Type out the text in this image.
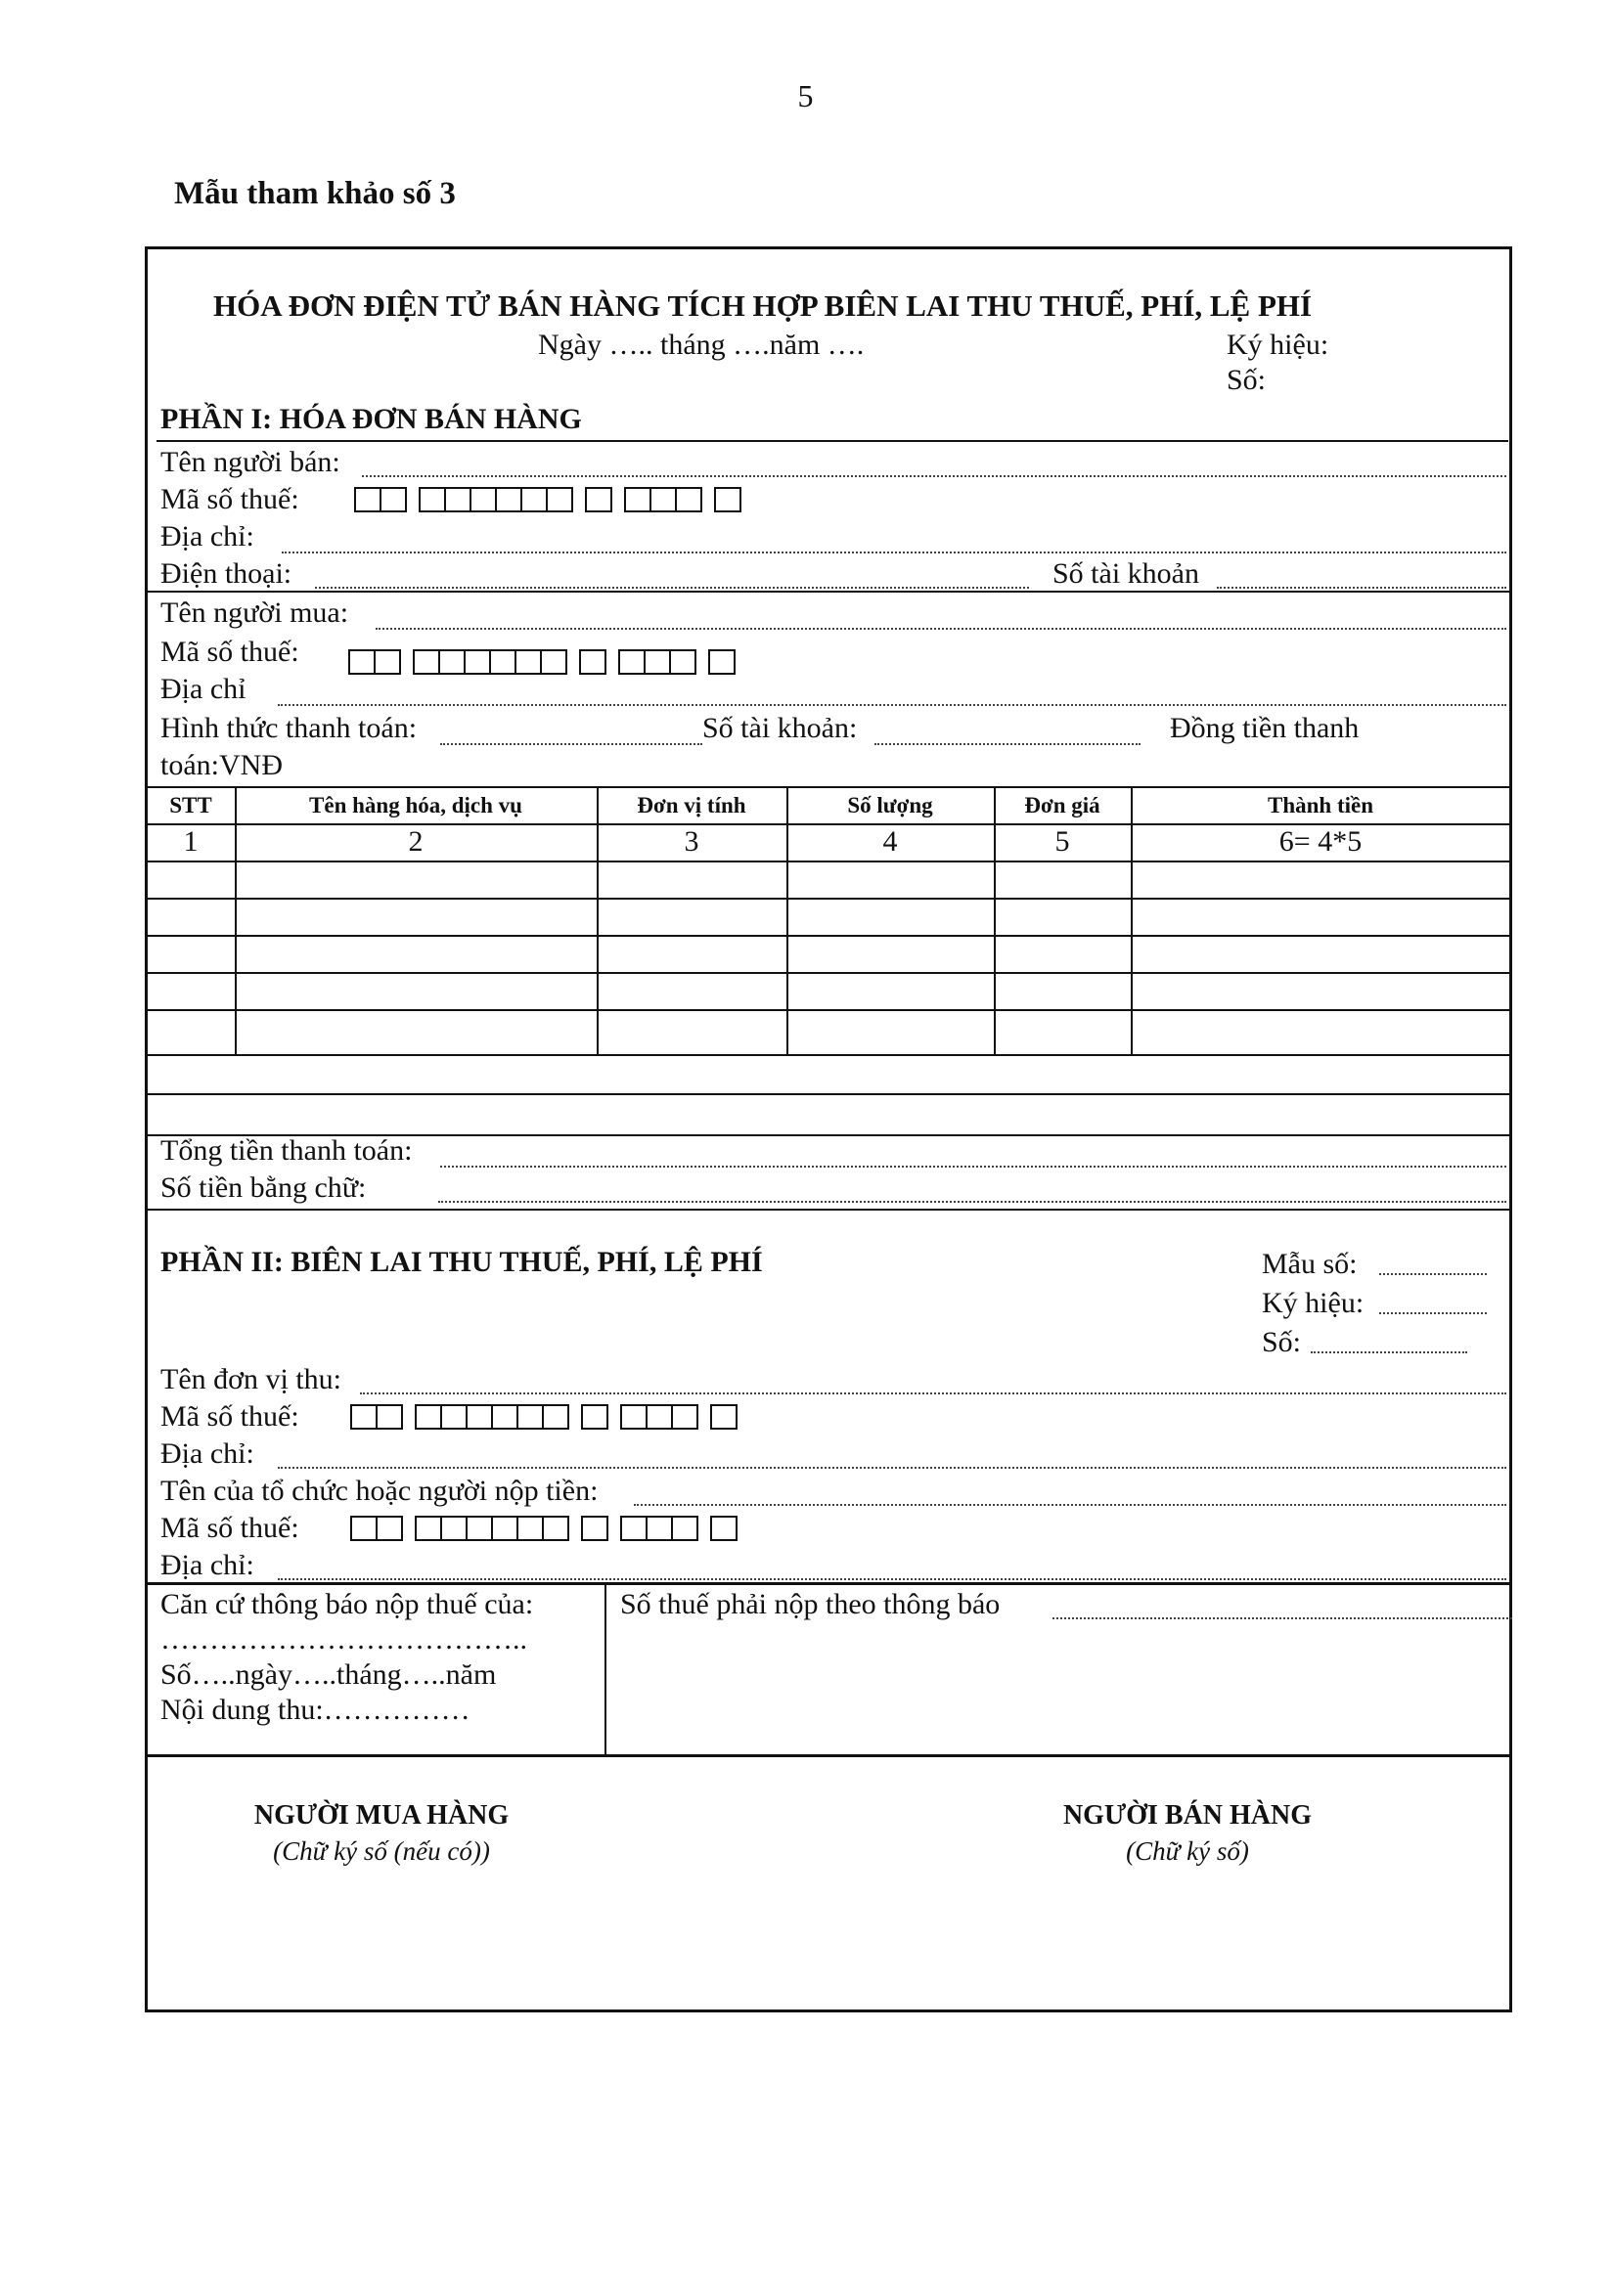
5
Mẫu tham khảo số 3
HÓA ĐƠN ĐIỆN TỬ BÁN HÀNG TÍCH HỢP BIÊN LAI THU THUẾ, PHÍ, LỆ PHÍ
Ngày ….. tháng ….năm ….	Ký hiệu:
Số:
PHẦN I: HÓA ĐƠN BÁN HÀNG
Tên người bán:
Mã số thuế:
Địa chỉ:
Điện thoại:	Số tài khoản
Tên người mua:
Mã số thuế:
Địa chỉ
Hình thức thanh toán:	Số tài khoản:	Đồng tiền thanh
toán:VNĐ
STT	Tên hàng hóa, dịch vụ	Đơn vị tính	Số lượng	Đơn giá	Thành tiền
1	2	3	4	5	6= 4*5
Tổng tiền thanh toán:
Số tiền bằng chữ:
PHẦN II: BIÊN LAI THU THUẾ, PHÍ, LỆ PHÍ	Mẫu số:
Ký hiệu:
Số:
Tên đơn vị thu:
Mã số thuế:
Địa chỉ:
Tên của tổ chức hoặc người nộp tiền:
Mã số thuế:
Địa chỉ:
Căn cứ thông báo nộp thuế của:
………………………………..
Số…..ngày…..tháng…..năm
Nội dung thu:……………
Số thuế phải nộp theo thông báo
NGƯỜI MUA HÀNG
(Chữ ký số (nếu có))
NGƯỜI BÁN HÀNG
(Chữ ký số)
